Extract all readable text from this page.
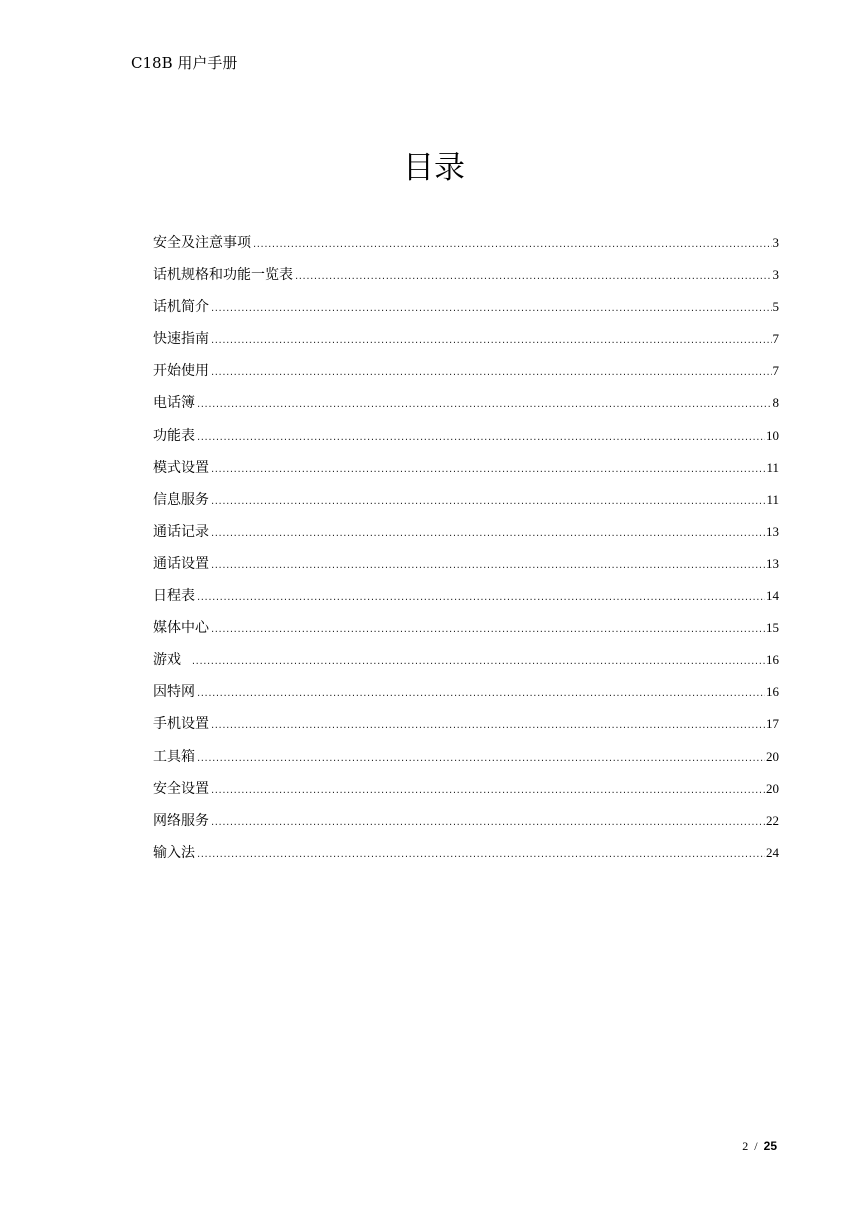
C18B 用户手册
目录
安全及注意事项 .....	3
话机规格和功能一览表 .....	3
话机简介 .....	5
快速指南 .....	7
开始使用 .....	7
电话簿 .....	8
功能表 .....	10
模式设置 .....	11
信息服务 .....	11
通话记录 .....	13
通话设置 .....	13
日程表 .....	14
媒体中心 .....	15
游戏 .....	16
因特网 .....	16
手机设置 .....	17
工具箱 .....	20
安全设置 .....	20
网络服务 .....	22
输入法 .....	24
2 / 25
